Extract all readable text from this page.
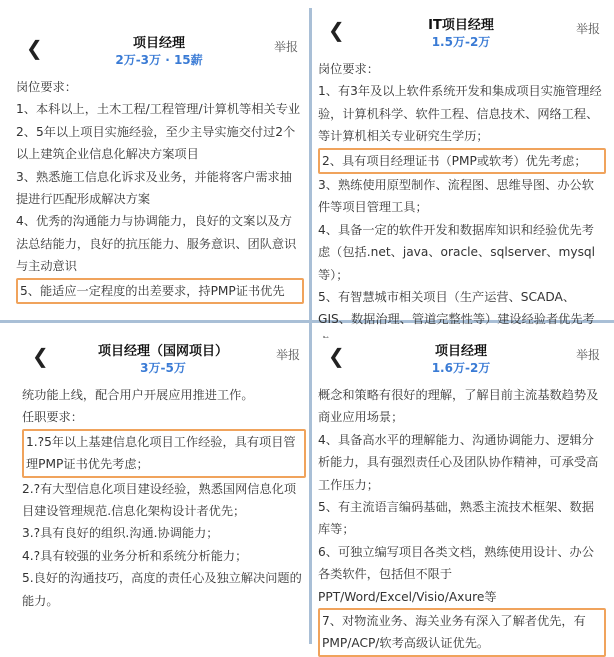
❮	项目经理
2万-3万 · 15薪
举报

岗位要求：

1、本科以上，土木工程/工程管理/计算机等相关专业

2、5年以上项目实施经验，至少主导实施交付过2个以上建筑企业信息化解决方案项目

3、熟悉施工信息化诉求及业务，并能将客户需求抽提进行匹配形成解决方案

4、优秀的沟通能力与协调能力，良好的文案以及方法总结能力，良好的抗压能力、服务意识、团队意识与主动意识

5、能适应一定程度的出差要求，持PMP证书优先

❮	IT项目经理
1.5万-2万
举报

岗位要求：

1、有3年及以上软件系统开发和集成项目实施管理经验，计算机科学、软件工程、信息技术、网络工程、等计算机相关专业研究生学历；

2、具有项目经理证书（PMP或软考）优先考虑；

3、熟练使用原型制作、流程图、思维导图、办公软件等项目管理工具；

4、具备一定的软件开发和数据库知识和经验优先考虑（包括.net、java、oracle、sqlserver、mysql等）；

5、有智慧城市相关项目（生产运营、SCADA、GIS、数据治理、管道完整性等）建设经验者优先考

❮	项目经理（国网项目）
3万-5万
举报

统功能上线，配合用户开展应用推进工作。

任职要求：

1.?5年以上基建信息化项目工作经验，具有项目管理PMP证书优先考虑；

2.?有大型信息化项目建设经验，熟悉国网信息化项目建设管理规范.信息化架构设计者优先；

3.?具有良好的组织.沟通.协调能力；

4.?具有较强的业务分析和系统分析能力；

5.良好的沟通技巧，高度的责任心及独立解决问题的能力。

❮	项目经理
1.6万-2万
举报

概念和策略有很好的理解，了解目前主流基数趋势及商业应用场景；

4、具备高水平的理解能力、沟通协调能力、逻辑分析能力，具有强烈责任心及团队协作精神，可承受高工作压力；

5、有主流语言编码基础，熟悉主流技术框架、数据库等；

6、可独立编写项目各类文档，熟练使用设计、办公各类软件，包括但不限于PPT/Word/Excel/Visio/Axure等

7、对物流业务、海关业务有深入了解者优先，有PMP/ACP/软考高级认证优先。
